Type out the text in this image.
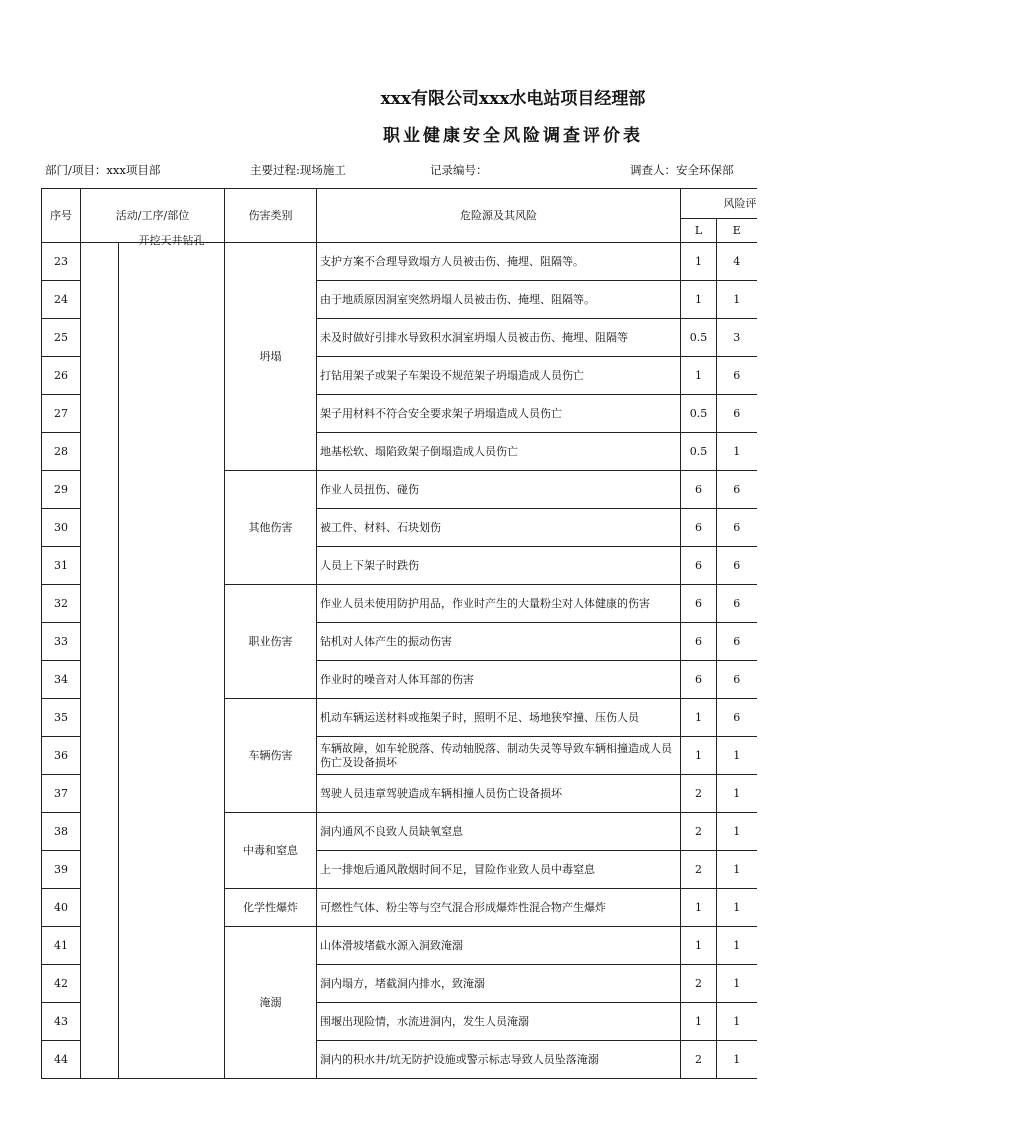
xxx有限公司xxx水电站项目经理部
职业健康安全风险调查评价表
部门/项目：xxx项目部	主要过程:现场施工	记录编号：	调查人：安全环保部
序号	活动/工序/部位		伤害类别	危险源及其风险	风险评	
					L	E
23		开挖天井钻孔	坍塌	支护方案不合理导致塌方人员被击伤、掩埋、阻隔等。	1	4
24				由于地质原因洞室突然坍塌人员被击伤、掩埋、阻隔等。	1	1
25				未及时做好引排水导致积水洞室坍塌人员被击伤、掩埋、阻隔等	0.5	3
26				打钻用架子或架子车架设不规范架子坍塌造成人员伤亡	1	6
27				架子用材料不符合安全要求架子坍塌造成人员伤亡	0.5	6
28				地基松软、塌陷致架子倒塌造成人员伤亡	0.5	1
29			其他伤害	作业人员扭伤、碰伤	6	6
30				被工件、材料、石块划伤	6	6
31				人员上下架子时跌伤	6	6
32			职业伤害	作业人员未使用防护用品，作业时产生的大量粉尘对人体健康的伤害	6	6
33				钻机对人体产生的振动伤害	6	6
34				作业时的噪音对人体耳部的伤害	6	6
35			车辆伤害	机动车辆运送材料或拖架子时，照明不足、场地狭窄撞、压伤人员	1	6
36				车辆故障，如车轮脱落、传动轴脱落、制动失灵等导致车辆相撞造成人员伤亡及设备损坏	1	1
37				驾驶人员违章驾驶造成车辆相撞人员伤亡设备损坏	2	1
38			中毒和窒息	洞内通风不良致人员缺氧窒息	2	1
39				上一排炮后通风散烟时间不足，冒险作业致人员中毒窒息	2	1
40			化学性爆炸	可燃性气体、粉尘等与空气混合形成爆炸性混合物产生爆炸	1	1
41			淹溺	山体滑坡堵截水源入洞致淹溺	1	1
42				洞内塌方，堵截洞内排水，致淹溺	2	1
43				围堰出现险情，水流进洞内，发生人员淹溺	1	1
44				洞内的积水井/坑无防护设施或警示标志导致人员坠落淹溺	2	1
